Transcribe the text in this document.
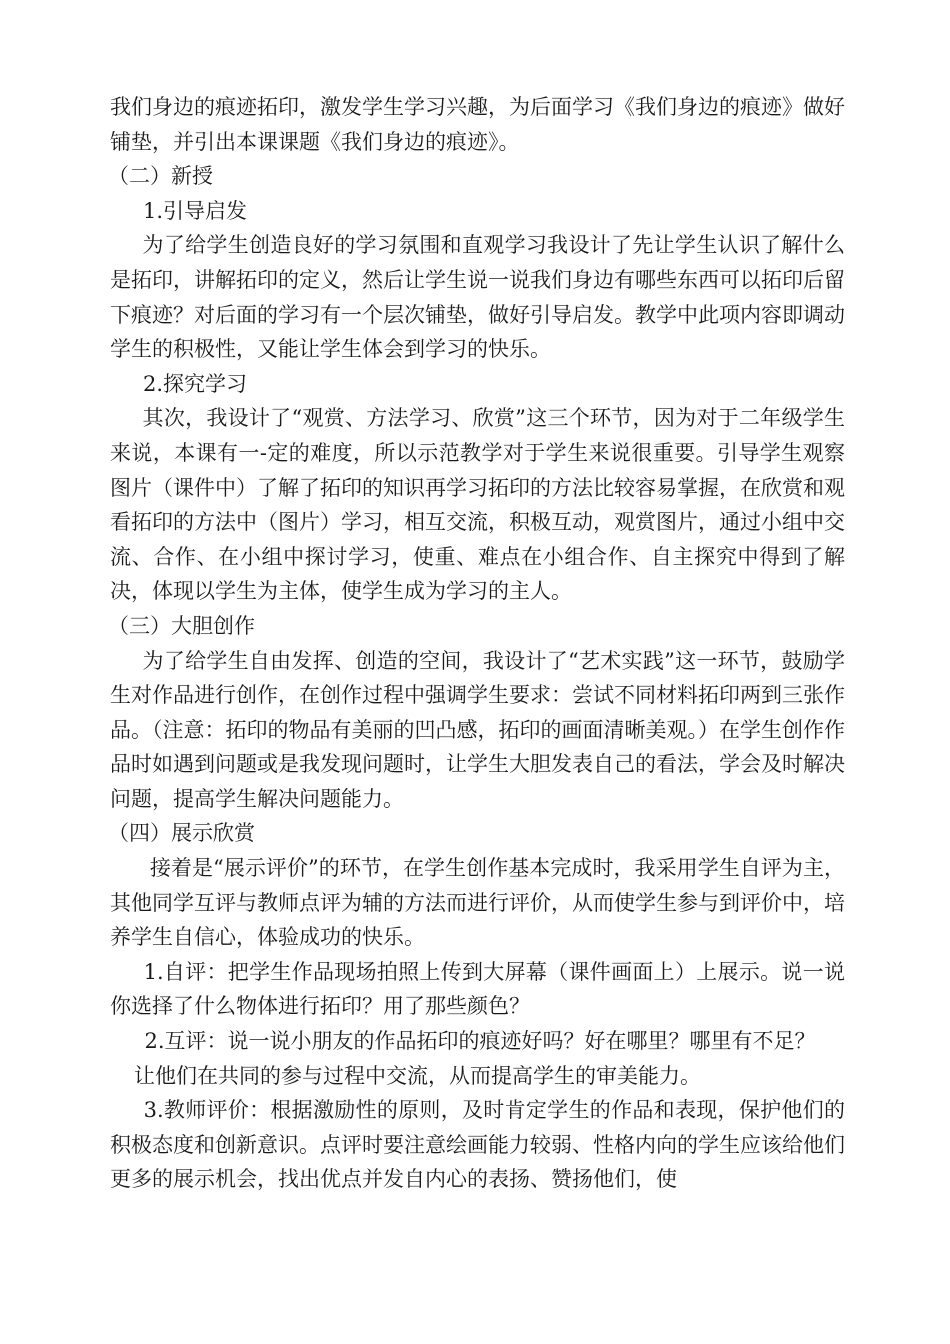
我们身边的痕迹拓印，激发学生学习兴趣，为后面学习《我们身边的痕迹》做好铺垫，并引出本课课题《我们身边的痕迹》。

（二）新授

1.引导启发

为了给学生创造良好的学习氛围和直观学习我设计了先让学生认识了解什么是拓印，讲解拓印的定义，然后让学生说一说我们身边有哪些东西可以拓印后留下痕迹？对后面的学习有一个层次铺垫，做好引导启发。教学中此项内容即调动学生的积极性，又能让学生体会到学习的快乐。

2.探究学习

其次，我设计了“观赏、方法学习、欣赏”这三个环节，因为对于二年级学生来说，本课有一-定的难度，所以示范教学对于学生来说很重要。引导学生观察图片（课件中）了解了拓印的知识再学习拓印的方法比较容易掌握，在欣赏和观看拓印的方法中（图片）学习，相互交流，积极互动，观赏图片，通过小组中交流、合作、在小组中探讨学习，使重、难点在小组合作、自主探究中得到了解决，体现以学生为主体，使学生成为学习的主人。

（三）大胆创作

为了给学生自由发挥、创造的空间，我设计了“艺术实践”这一环节，鼓励学生对作品进行创作，在创作过程中强调学生要求：尝试不同材料拓印两到三张作品。（注意：拓印的物品有美丽的凹凸感，拓印的画面清晰美观。）在学生创作作品时如遇到问题或是我发现问题时，让学生大胆发表自己的看法，学会及时解决问题，提高学生解决问题能力。

（四）展示欣赏

接着是“展示评价”的环节，在学生创作基本完成时，我采用学生自评为主，其他同学互评与教师点评为辅的方法而进行评价，从而使学生参与到评价中，培养学生自信心，体验成功的快乐。

1.自评：把学生作品现场拍照上传到大屏幕（课件画面上）上展示。说一说你选择了什么物体进行拓印？用了那些颜色？

2.互评：说一说小朋友的作品拓印的痕迹好吗？好在哪里？哪里有不足？

让他们在共同的参与过程中交流，从而提高学生的审美能力。

3.教师评价：根据激励性的原则，及时肯定学生的作品和表现，保护他们的积极态度和创新意识。点评时要注意绘画能力较弱、性格内向的学生应该给他们更多的展示机会，找出优点并发自内心的表扬、赞扬他们，使
